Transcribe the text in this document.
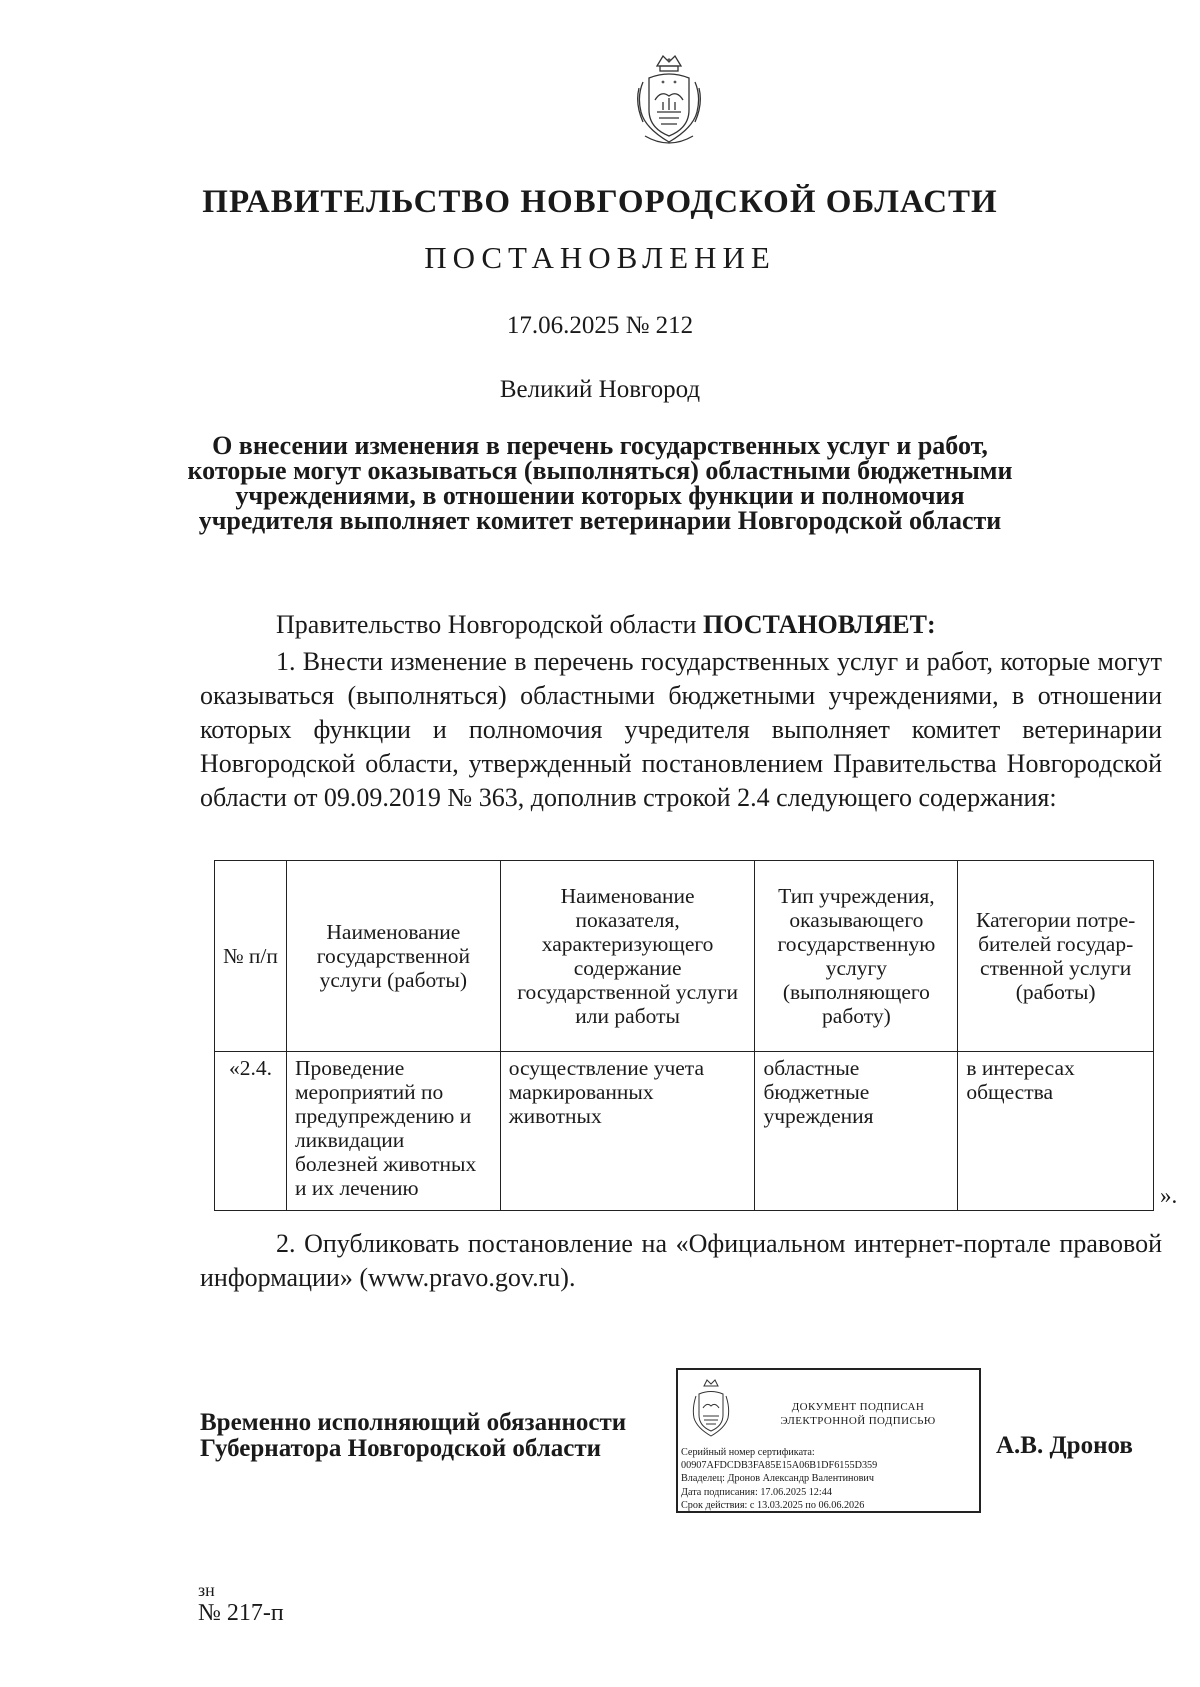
ПРАВИТЕЛЬСТВО НОВГОРОДСКОЙ ОБЛАСТИ
ПОСТАНОВЛЕНИЕ
17.06.2025 № 212
Великий Новгород
О внесении изменения в перечень государственных услуг и работ,
которые могут оказываться (выполняться) областными бюджетными
учреждениями, в отношении которых функции и полномочия
учредителя выполняет комитет ветеринарии Новгородской области
Правительство Новгородской области ПОСТАНОВЛЯЕТ:
1. Внести изменение в перечень государственных услуг и работ, которые могут оказываться (выполняться) областными бюджетными учреждениями, в отношении которых функции и полномочия учредителя выполняет комитет ветеринарии Новгородской области, утвержденный постановлением Правительства Новгородской области от 09.09.2019 № 363, дополнив строкой 2.4 следующего содержания:
№ п/п	Наименование государственной услуги (работы)	Наименование показателя, характеризующего содержание государственной услуги или работы	Тип учреждения, оказывающего государственную услугу (выполняющего работу)	Категории потре-бителей государ-ственной услуги (работы)
«2.4.	Проведение мероприятий по предупреждению и ликвидации болезней животных и их лечению	осуществление учета маркированных животных	областные бюджетные учреждения	в интересах общества
».
2. Опубликовать постановление на «Официальном интернет-портале правовой информации» (www.pravo.gov.ru).
Временно исполняющий обязанности
Губернатора Новгородской области
ДОКУМЕНТ ПОДПИСАН
ЭЛЕКТРОННОЙ ПОДПИСЬЮ
Серийный номер сертификата:
00907AFDCDB3FA85E15A06B1DF6155D359
Владелец: Дронов Александр Валентинович
Дата подписания: 17.06.2025 12:44
Срок действия: с 13.03.2025 по 06.06.2026
А.В. Дронов
зн
№ 217-п
